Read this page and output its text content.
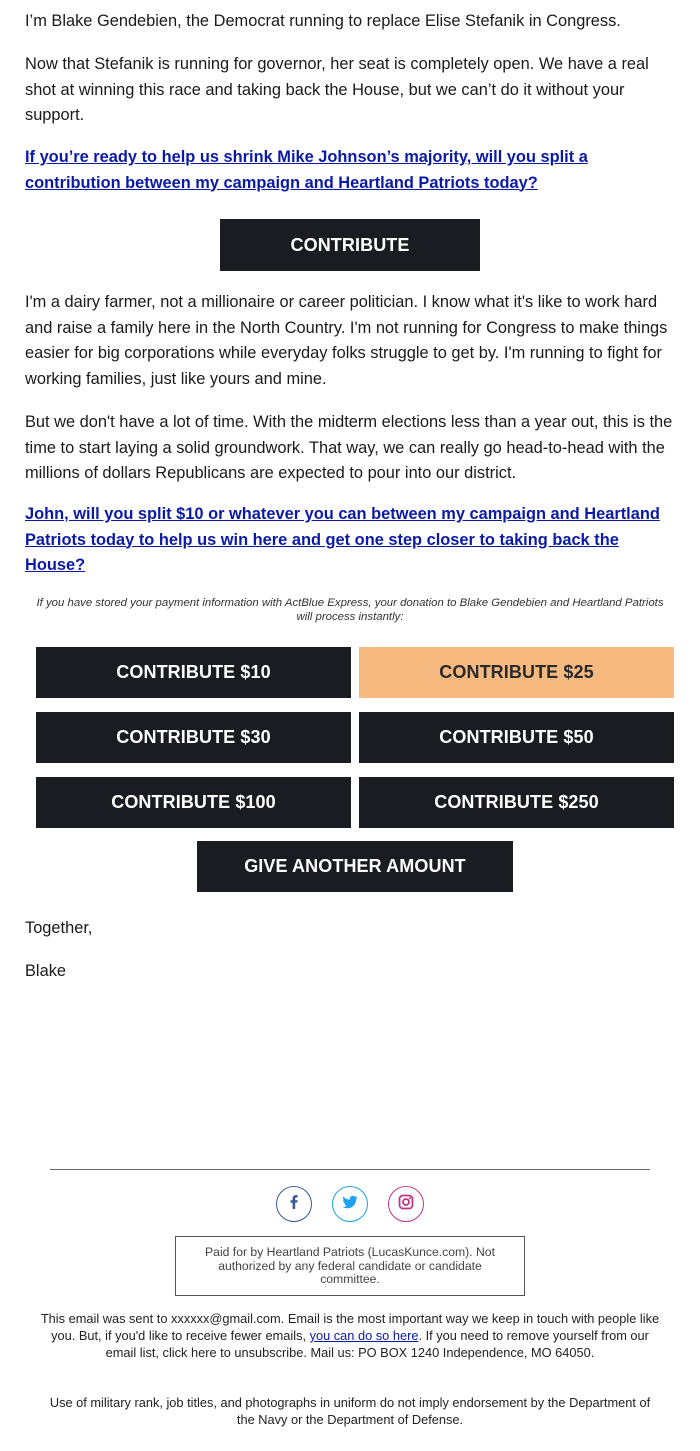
I’m Blake Gendebien, the Democrat running to replace Elise Stefanik in Congress.

Now that Stefanik is running for governor, her seat is completely open. We have a real shot at winning this race and taking back the House, but we can’t do it without your support.

If you’re ready to help us shrink Mike Johnson’s majority, will you split a contribution between my campaign and Heartland Patriots today?

I'm a dairy farmer, not a millionaire or career politician. I know what it's like to work hard and raise a family here in the North Country. I'm not running for Congress to make things easier for big corporations while everyday folks struggle to get by. I'm running to fight for working families, just like yours and mine.

But we don't have a lot of time. With the midterm elections less than a year out, this is the time to start laying a solid groundwork. That way, we can really go head-to-head with the millions of dollars Republicans are expected to pour into our district.

John, will you split $10 or whatever you can between my campaign and Heartland Patriots today to help us win here and get one step closer to taking back the House?

CONTRIBUTE
If you have stored your payment information with ActBlue Express, your donation to Blake Gendebien and Heartland Patriots will process instantly:
CONTRIBUTE $10	CONTRIBUTE $25
CONTRIBUTE $30	CONTRIBUTE $50
CONTRIBUTE $100	CONTRIBUTE $250
GIVE ANOTHER AMOUNT
Together,
Blake
Paid for by Heartland Patriots (LucasKunce.com). Not authorized by any federal candidate or candidate committee.
This email was sent to xxxxxx@gmail.com. Email is the most important way we keep in touch with people like you. But, if you'd like to receive fewer emails, you can do so here. If you need to remove yourself from our email list, click here to unsubscribe. Mail us: PO BOX 1240 Independence, MO 64050.
Use of military rank, job titles, and photographs in uniform do not imply endorsement by the Department of the Navy or the Department of Defense.
